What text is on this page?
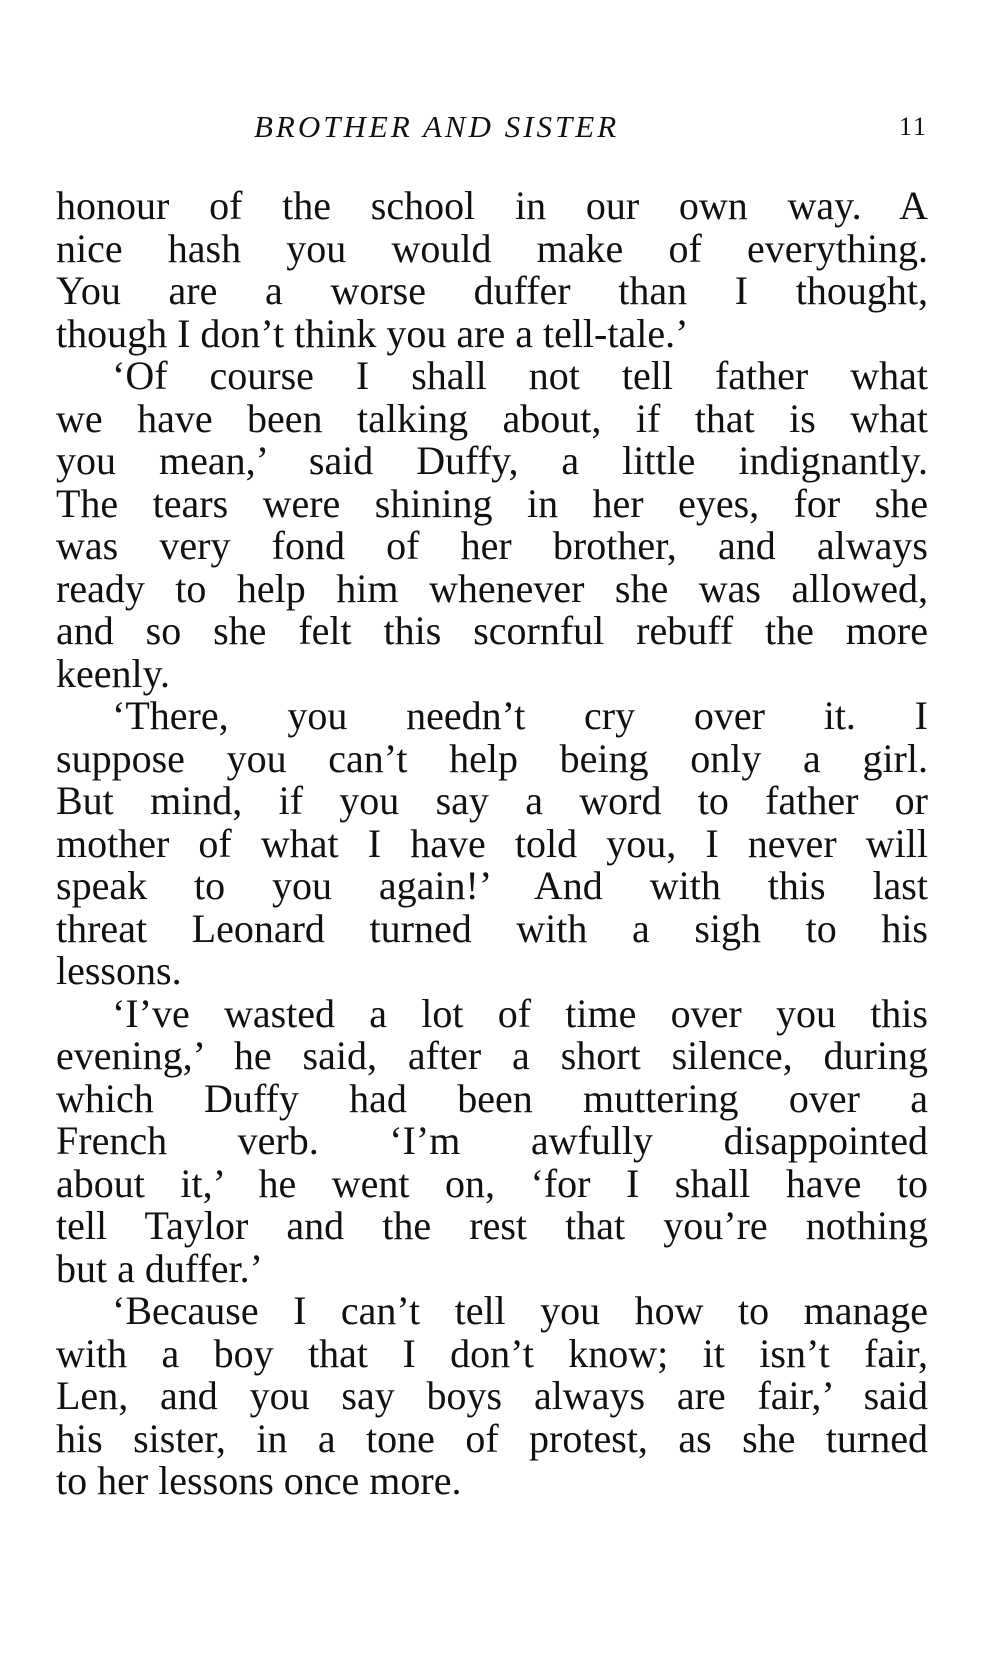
BROTHER AND SISTER	11
honour of the school in our own way. A
nice hash you would make of everything.
You are a worse duffer than I thought,
though I don’t think you are a tell-tale.’
‘Of course I shall not tell father what
we have been talking about, if that is what
you mean,’ said Duffy, a little indignantly.
The tears were shining in her eyes, for she
was very fond of her brother, and always
ready to help him whenever she was allowed,
and so she felt this scornful rebuff the more
keenly.
‘There, you needn’t cry over it. I
suppose you can’t help being only a girl.
But mind, if you say a word to father or
mother of what I have told you, I never will
speak to you again!’ And with this last
threat Leonard turned with a sigh to his
lessons.
‘I’ve wasted a lot of time over you this
evening,’ he said, after a short silence, during
which Duffy had been muttering over a
French verb. ‘I’m awfully disappointed
about it,’ he went on, ‘for I shall have to
tell Taylor and the rest that you’re nothing
but a duffer.’
‘Because I can’t tell you how to manage
with a boy that I don’t know; it isn’t fair,
Len, and you say boys always are fair,’ said
his sister, in a tone of protest, as she turned
to her lessons once more.
